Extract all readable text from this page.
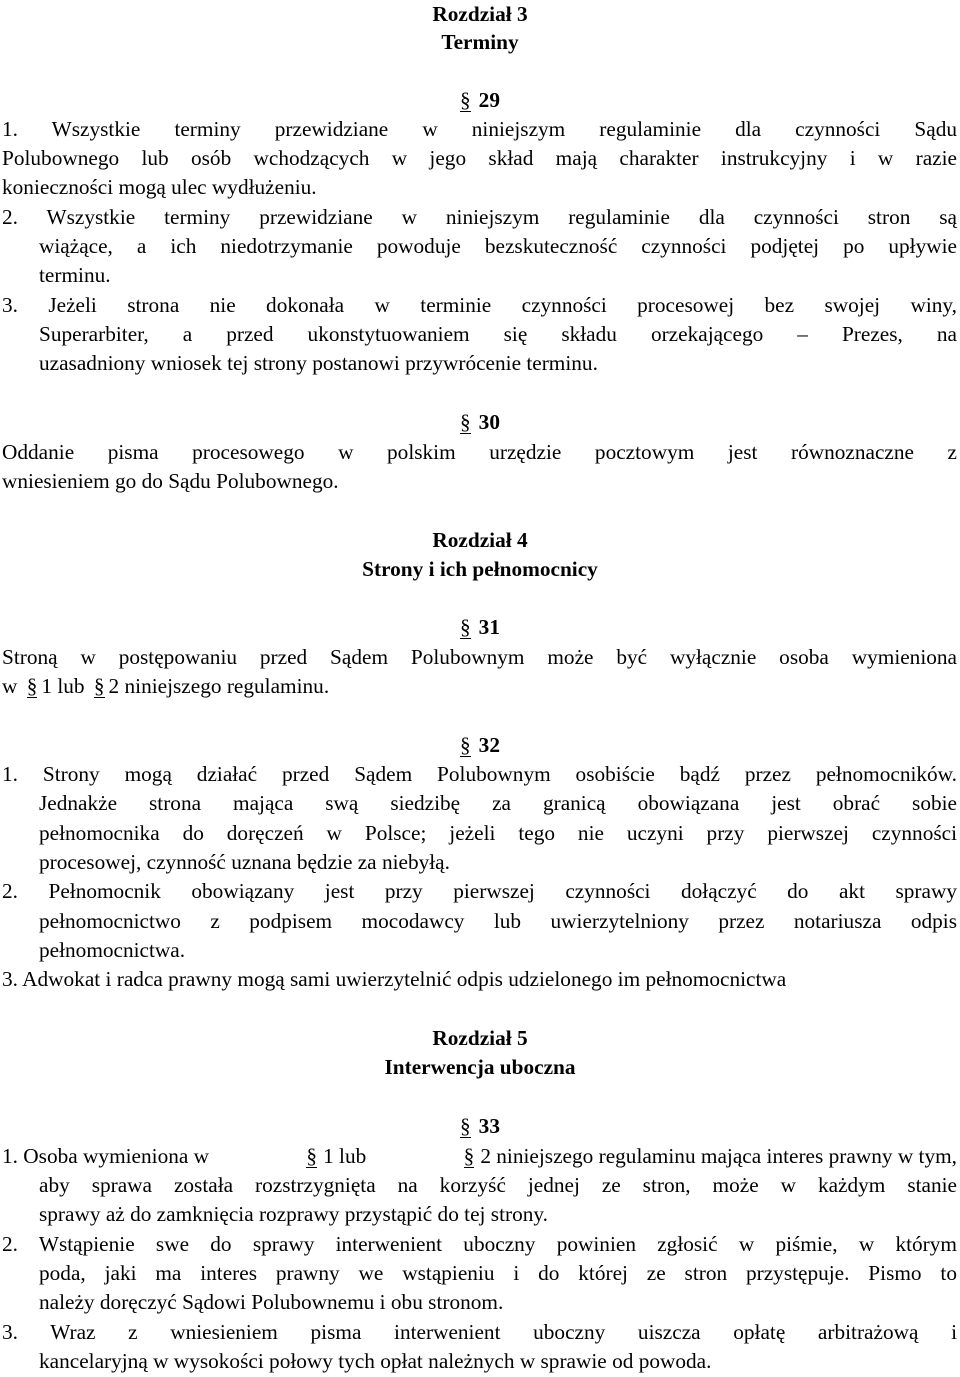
Rozdział 3
Terminy
§ 29
1. Wszystkie terminy przewidziane w niniejszym regulaminie dla czynności Sądu
Polubownego lub osób wchodzących w jego skład mają charakter instrukcyjny i w razie
konieczności mogą ulec wydłużeniu.
2. Wszystkie terminy przewidziane w niniejszym regulaminie dla czynności stron są
wiążące, a ich niedotrzymanie powoduje bezskuteczność czynności podjętej po upływie
terminu.
3. Jeżeli strona nie dokonała w terminie czynności procesowej bez swojej winy,
Superarbiter, a przed ukonstytuowaniem się składu orzekającego – Prezes, na
uzasadniony wniosek tej strony postanowi przywrócenie terminu.
§ 30
Oddanie pisma procesowego w polskim urzędzie pocztowym jest równoznaczne z
wniesieniem go do Sądu Polubownego.
Rozdział 4
Strony i ich pełnomocnicy
§ 31
Stroną w postępowaniu przed Sądem Polubownym może być wyłącznie osoba wymieniona
w § 1 lub § 2 niniejszego regulaminu.
§ 32
1. Strony mogą działać przed Sądem Polubownym osobiście bądź przez pełnomocników.
Jednakże strona mająca swą siedzibę za granicą obowiązana jest obrać sobie
pełnomocnika do doręczeń w Polsce; jeżeli tego nie uczyni przy pierwszej czynności
procesowej, czynność uznana będzie za niebyłą.
2. Pełnomocnik obowiązany jest przy pierwszej czynności dołączyć do akt sprawy
pełnomocnictwo z podpisem mocodawcy lub uwierzytelniony przez notariusza odpis
pełnomocnictwa.
3. Adwokat i radca prawny mogą sami uwierzytelnić odpis udzielonego im pełnomocnictwa
Rozdział 5
Interwencja uboczna
§ 33
1. Osoba wymieniona w	§ 1 lub	§ 2 niniejszego regulaminu mająca interes prawny w tym,
aby sprawa została rozstrzygnięta na korzyść jednej ze stron, może w każdym stanie
sprawy aż do zamknięcia rozprawy przystąpić do tej strony.
2. Wstąpienie swe do sprawy interwenient uboczny powinien zgłosić w piśmie, w którym
poda, jaki ma interes prawny we wstąpieniu i do której ze stron przystępuje. Pismo to
należy doręczyć Sądowi Polubownemu i obu stronom.
3. Wraz z wniesieniem pisma interwenient uboczny uiszcza opłatę arbitrażową i
kancelaryjną w wysokości połowy tych opłat należnych w sprawie od powoda.
